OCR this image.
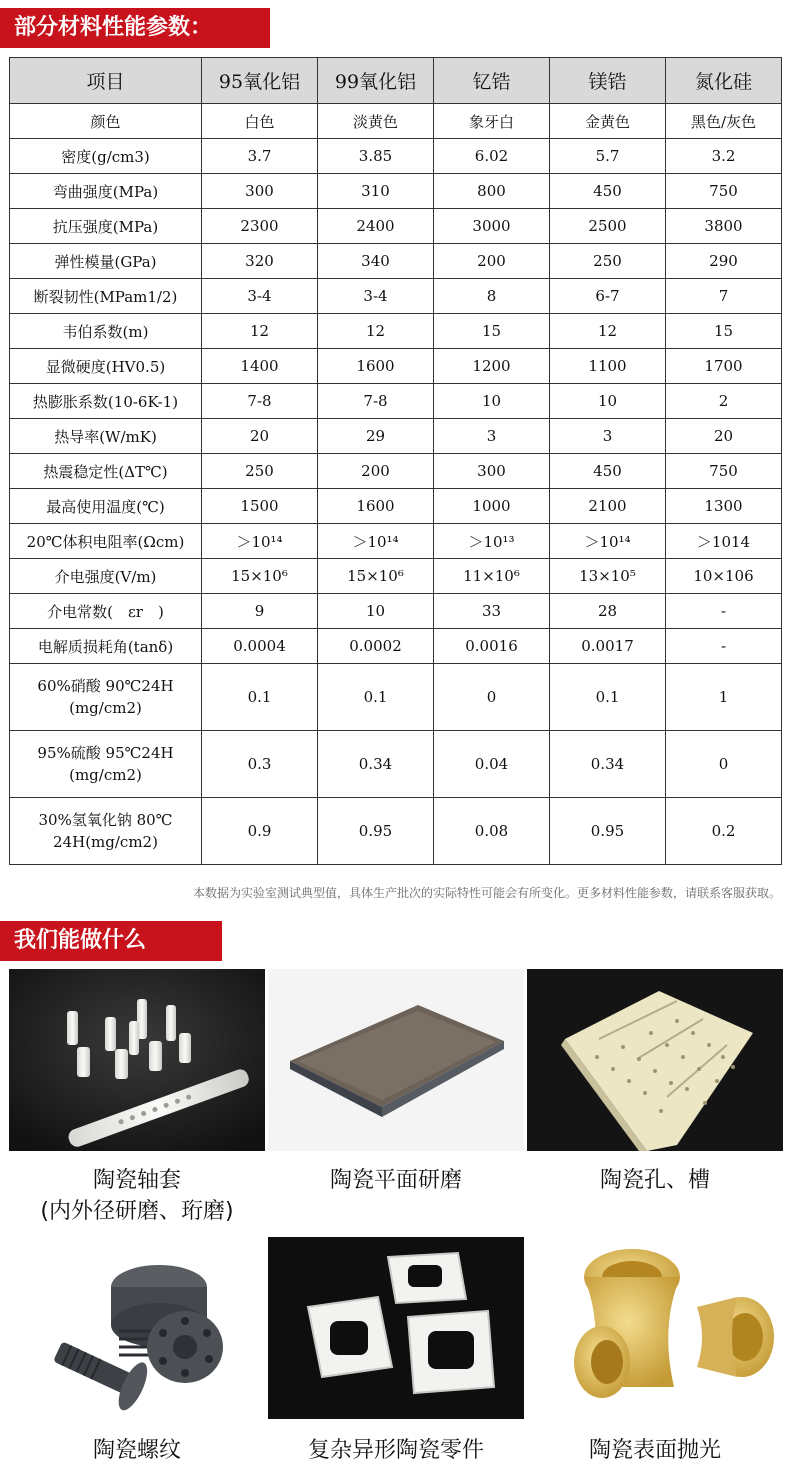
部分材料性能参数：
项目	95氧化铝	99氧化铝	钇锆	镁锆	氮化硅
颜色	白色	淡黄色	象牙白	金黄色	黑色/灰色
密度(g/cm3)	3.7	3.85	6.02	5.7	3.2
弯曲强度(MPa)	300	310	800	450	750
抗压强度(MPa)	2300	2400	3000	2500	3800
弹性模量(GPa)	320	340	200	250	290
断裂韧性(MPam1/2)	3-4	3-4	8	6-7	7
韦伯系数(m)	12	12	15	12	15
显微硬度(HV0.5)	1400	1600	1200	1100	1700
热膨胀系数(10-6K-1)	7-8	7-8	10	10	2
热导率(W/mK)	20	29	3	3	20
热震稳定性(ΔT℃)	250	200	300	450	750
最高使用温度(℃)	1500	1600	1000	2100	1300
20℃体积电阻率(Ωcm)	＞10¹⁴	＞10¹⁴	＞10¹³	＞10¹⁴	＞1014
介电强度(V/m)	15×10⁶	15×10⁶	11×10⁶	13×10⁵	10×106
介电常数(　εr　)	9	10	33	28	-
电解质损耗角(tanδ)	0.0004	0.0002	0.0016	0.0017	-

60%硝酸 90℃24H
(mg/cm2)	0.1	0.1	0	0.1	1

95%硫酸 95℃24H
(mg/cm2)	0.3	0.34	0.04	0.34	0

30%氢氧化钠 80℃
24H(mg/cm2)	0.9	0.95	0.08	0.95	0.2
本数据为实验室测试典型值，具体生产批次的实际特性可能会有所变化。更多材料性能参数，请联系客服获取。
我们能做什么
陶瓷轴套
(内外径研磨、珩磨)
陶瓷平面研磨	陶瓷孔、槽
陶瓷螺纹	复杂异形陶瓷零件	陶瓷表面抛光
